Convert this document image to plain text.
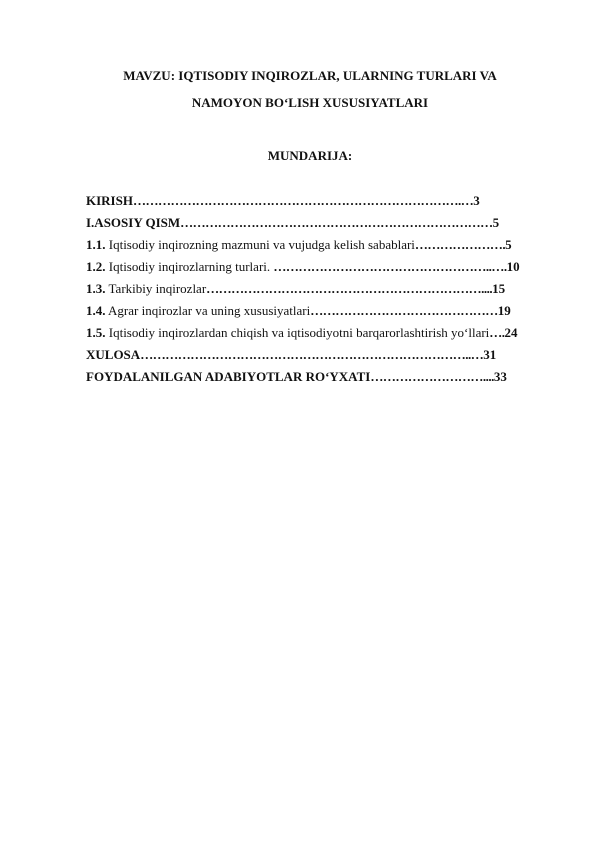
MAVZU: IQTISODIY INQIROZLAR, ULARNING TURLARI VA
NAMOYON BO‘LISH XUSUSIYATLARI
MUNDARIJA:
KIRISH…………………………………………………………………….…3
I.ASOSIY QISM…………………………………………………………………5
1.1. Iqtisodiy inqirozning mazmuni va vujudga kelish sabablari………………….5
1.2. Iqtisodiy inqirozlarning turlari. ……………………………………………..….10
1.3. Tarkibiy inqirozlar…………………………………………………………....15
1.4. Agrar inqirozlar va uning xususiyatlari………………………………………19
1.5. Iqtisodiy inqirozlardan chiqish va iqtisodiyotni barqarorlashtirish yo‘llari….24
XULOSA……………………………………………………………………..…31
FOYDALANILGAN ADABIYOTLAR RO‘YXATI………………………....33
